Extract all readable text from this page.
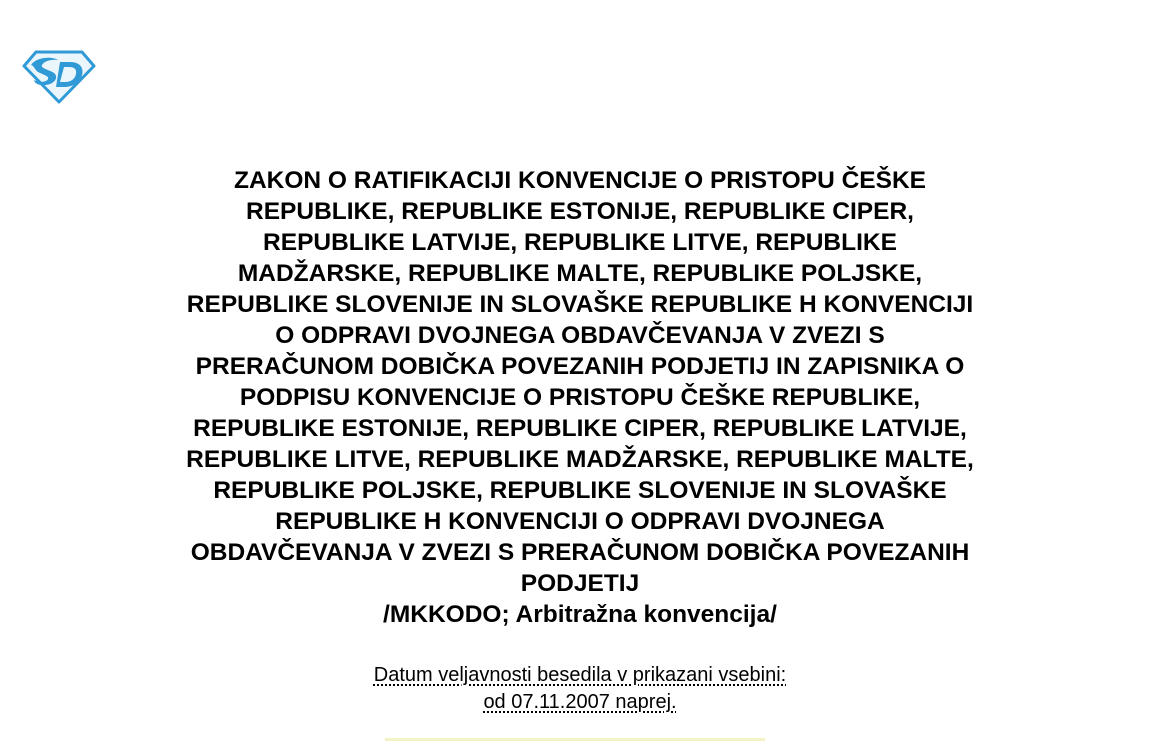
ZAKON O RATIFIKACIJI KONVENCIJE O PRISTOPU ČEŠKE
REPUBLIKE, REPUBLIKE ESTONIJE, REPUBLIKE CIPER,
REPUBLIKE LATVIJE, REPUBLIKE LITVE, REPUBLIKE
MADŽARSKE, REPUBLIKE MALTE, REPUBLIKE POLJSKE,
REPUBLIKE SLOVENIJE IN SLOVAŠKE REPUBLIKE H KONVENCIJI
O ODPRAVI DVOJNEGA OBDAVČEVANJA V ZVEZI S
PRERAČUNOM DOBIČKA POVEZANIH PODJETIJ IN ZAPISNIKA O
PODPISU KONVENCIJE O PRISTOPU ČEŠKE REPUBLIKE,
REPUBLIKE ESTONIJE, REPUBLIKE CIPER, REPUBLIKE LATVIJE,
REPUBLIKE LITVE, REPUBLIKE MADŽARSKE, REPUBLIKE MALTE,
REPUBLIKE POLJSKE, REPUBLIKE SLOVENIJE IN SLOVAŠKE
REPUBLIKE H KONVENCIJI O ODPRAVI DVOJNEGA
OBDAVČEVANJA V ZVEZI S PRERAČUNOM DOBIČKA POVEZANIH
PODJETIJ
/MKKODO; Arbitražna konvencija/
Datum veljavnosti besedila v prikazani vsebini:
od 07.11.2007 naprej.
